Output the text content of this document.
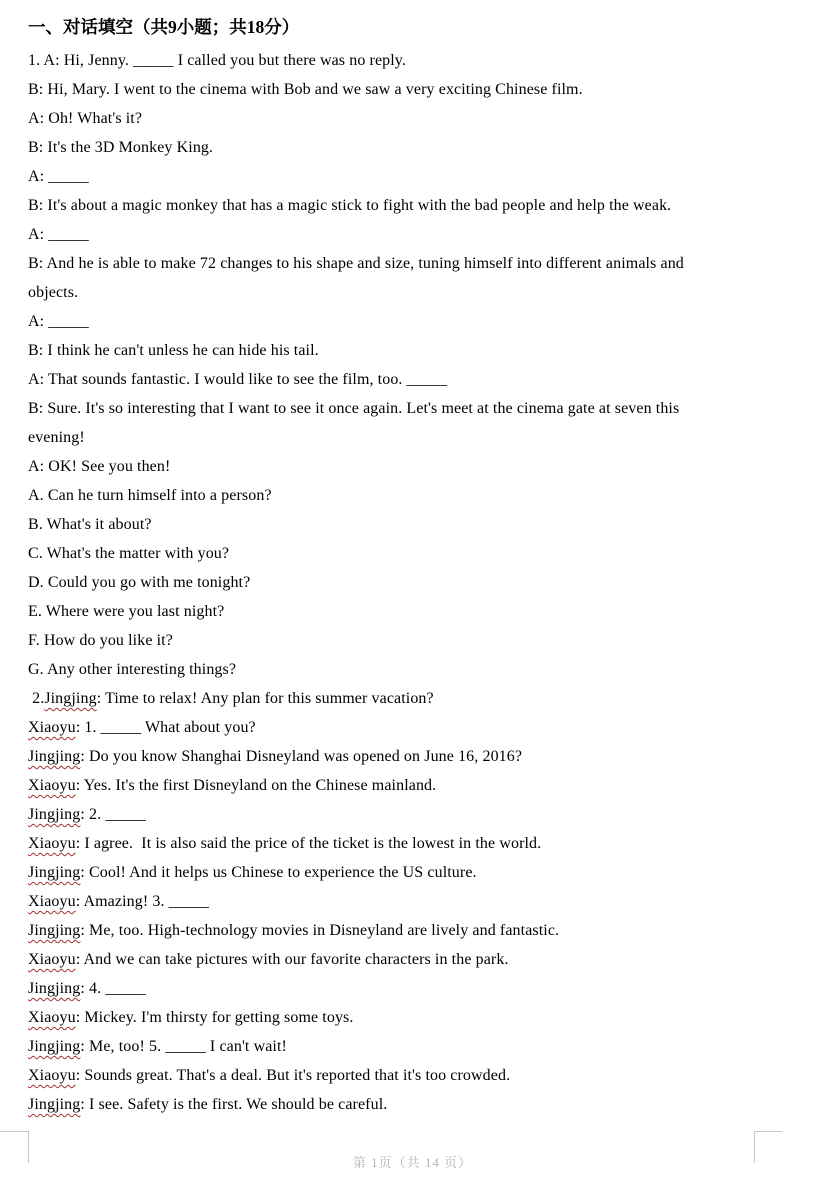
一、对话填空（共9小题；共18分）
1. A: Hi, Jenny. _____ I called you but there was no reply.
B: Hi, Mary. I went to the cinema with Bob and we saw a very exciting Chinese film.
A: Oh! What's it?
B: It's the 3D Monkey King.
A: _____
B: It's about a magic monkey that has a magic stick to fight with the bad people and help the weak.
A: _____
B: And he is able to make 72 changes to his shape and size, tuning himself into different animals and
objects.
A: _____
B: I think he can't unless he can hide his tail.
A: That sounds fantastic. I would like to see the film, too. _____
B: Sure. It's so interesting that I want to see it once again. Let's meet at the cinema gate at seven this
evening!
A: OK! See you then!
A. Can he turn himself into a person?
B. What's it about?
C. What's the matter with you?
D. Could you go with me tonight?
E. Where were you last night?
F. How do you like it?
G. Any other interesting things?
2.Jingjing: Time to relax! Any plan for this summer vacation?
Xiaoyu: 1. _____ What about you?
Jingjing: Do you know Shanghai Disneyland was opened on June 16, 2016?
Xiaoyu: Yes. It's the first Disneyland on the Chinese mainland.
Jingjing: 2. _____
Xiaoyu: I agree.  It is also said the price of the ticket is the lowest in the world.
Jingjing: Cool! And it helps us Chinese to experience the US culture.
Xiaoyu: Amazing! 3. _____
Jingjing: Me, too. High-technology movies in Disneyland are lively and fantastic.
Xiaoyu: And we can take pictures with our favorite characters in the park.
Jingjing: 4. _____
Xiaoyu: Mickey. I'm thirsty for getting some toys.
Jingjing: Me, too! 5. _____ I can't wait!
Xiaoyu: Sounds great. That's a deal. But it's reported that it's too crowded.
Jingjing: I see. Safety is the first. We should be careful.
第 1页（共 14 页）
